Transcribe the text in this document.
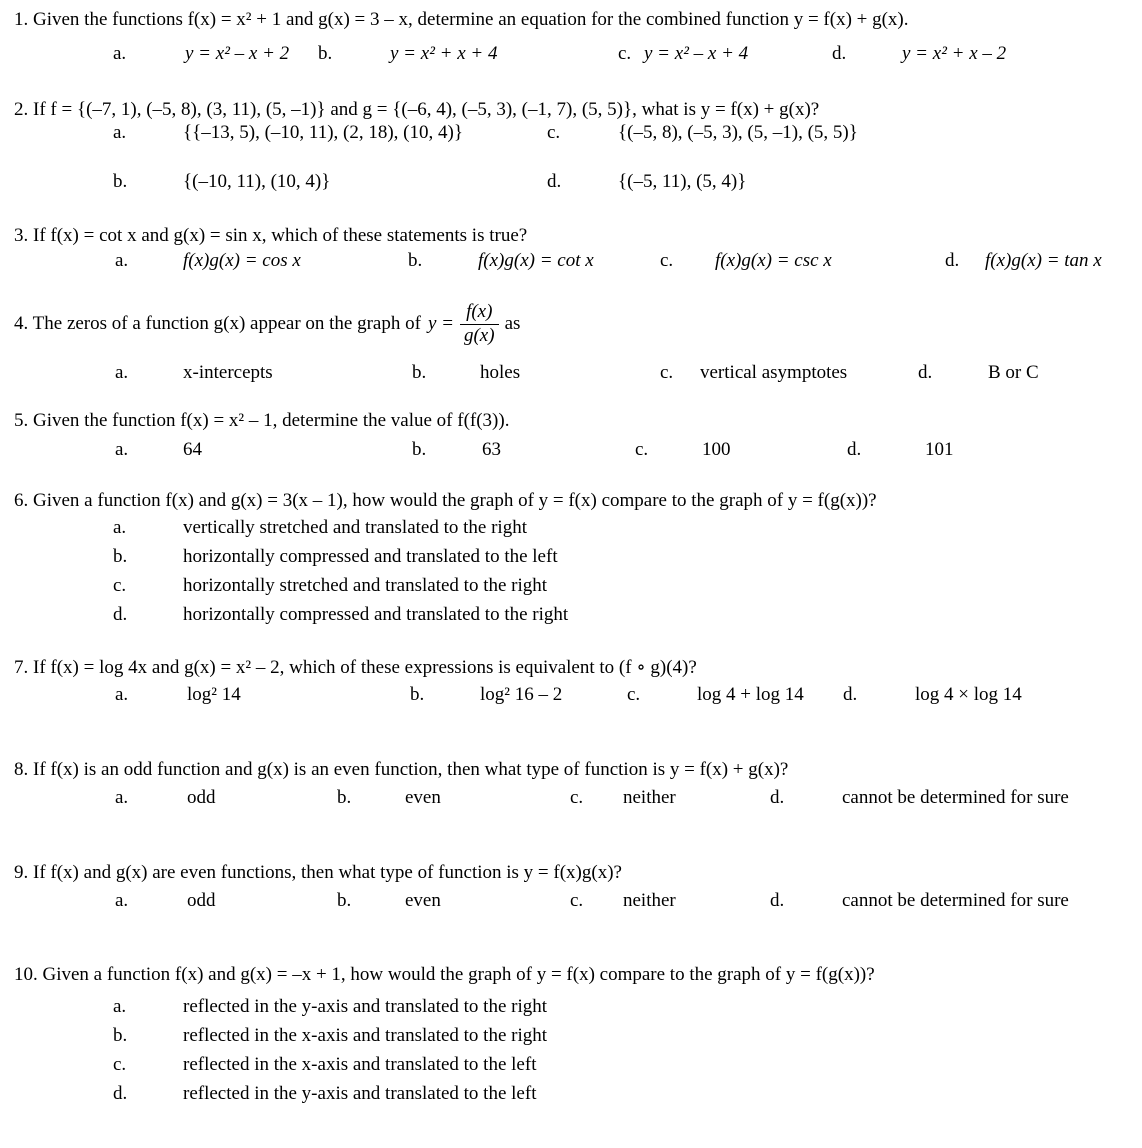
1. Given the functions f(x) = x² + 1 and g(x) = 3 – x, determine an equation for the combined function y = f(x) + g(x).
a.	y = x² – x + 2 b.	y = x² + x + 4	c. y = x² – x + 4	d.	y = x² + x – 2
2. If f = {(–7, 1), (–5, 8), (3, 11), (5, –1)} and g = {(–6, 4), (–5, 3), (–1, 7), (5, 5)}, what is y = f(x) + g(x)?
a.	{{–13, 5), (–10, 11), (2, 18), (10, 4)}	c.	{(–5, 8), (–5, 3), (5, –1), (5, 5)}
b.	{(–10, 11), (10, 4)}	d.	{(–5, 11), (5, 4)}
3. If f(x) = cot x and g(x) = sin x, which of these statements is true?
a.	f(x)g(x) = cos x	b.	f(x)g(x) = cot x	c. f(x)g(x) = csc x	d. f(x)g(x) = tan x
4. The zeros of a function g(x) appear on the graph of $y = \frac{f(x)}{g(x)}$ as
a.	x-intercepts	b.	holes	c. vertical asymptotes	d.	B or C
5. Given the function f(x) = x² – 1, determine the value of f(f(3)).
a.	64	b.	63	c.	100	d.	101
6. Given a function f(x) and g(x) = 3(x – 1), how would the graph of y = f(x) compare to the graph of y = f(g(x))?
a.	vertically stretched and translated to the right
b.	horizontally compressed and translated to the left
c.	horizontally stretched and translated to the right
d.	horizontally compressed and translated to the right
7. If f(x) = log 4x and g(x) = x² – 2, which of these expressions is equivalent to (f ∘ g)(4)?
a.	log² 14	b.	log² 16 – 2	c.	log 4 + log 14 d.	log 4 × log 14
8. If f(x) is an odd function and g(x) is an even function, then what type of function is y = f(x) + g(x)?
a.	odd	b.	even	c. neither	d.	cannot be determined for sure
9. If f(x) and g(x) are even functions, then what type of function is y = f(x)g(x)?
a.	odd	b.	even	c. neither	d.	cannot be determined for sure
10. Given a function f(x) and g(x) = –x + 1, how would the graph of y = f(x) compare to the graph of y = f(g(x))?
a.	reflected in the y-axis and translated to the right
b.	reflected in the x-axis and translated to the right
c.	reflected in the x-axis and translated to the left
d.	reflected in the y-axis and translated to the left
